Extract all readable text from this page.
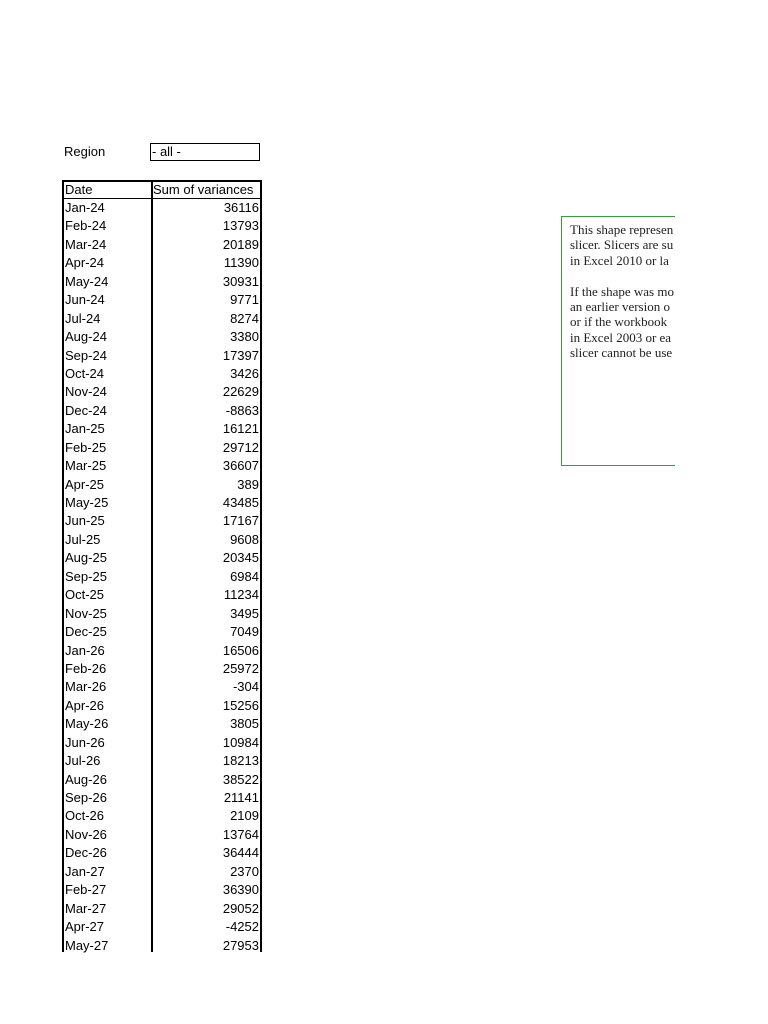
Region	- all -
Date	Sum of variances
Jan-24	36116
Feb-24	13793
Mar-24	20189
Apr-24	11390
May-24	30931
Jun-24	9771
Jul-24	8274
Aug-24	3380
Sep-24	17397
Oct-24	3426
Nov-24	22629
Dec-24	-8863
Jan-25	16121
Feb-25	29712
Mar-25	36607
Apr-25	389
May-25	43485
Jun-25	17167
Jul-25	9608
Aug-25	20345
Sep-25	6984
Oct-25	11234
Nov-25	3495
Dec-25	7049
Jan-26	16506
Feb-26	25972
Mar-26	-304
Apr-26	15256
May-26	3805
Jun-26	10984
Jul-26	18213
Aug-26	38522
Sep-26	21141
Oct-26	2109
Nov-26	13764
Dec-26	36444
Jan-27	2370
Feb-27	36390
Mar-27	29052
Apr-27	-4252
May-27	27953
This shape represen
slicer. Slicers are su
in Excel 2010 or la

If the shape was mo
an earlier version o
or if the workbook
in Excel 2003 or ea
slicer cannot be use
